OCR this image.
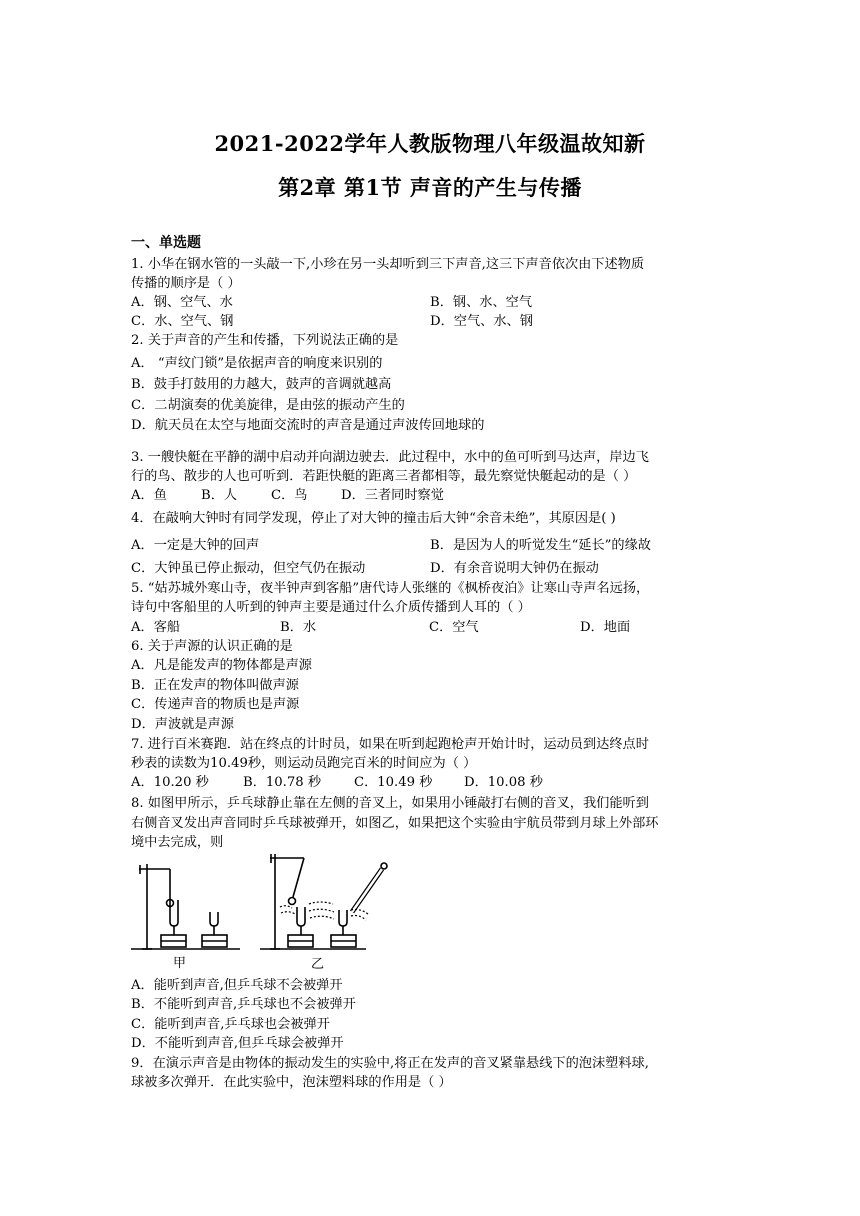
2021-2022学年人教版物理八年级温故知新
第2章 第1节 声音的产生与传播
一、单选题
1. 小华在钢水管的一头敲一下,小珍在另一头却听到三下声音,这三下声音依次由下述物质
传播的顺序是（ ）
A．钢、空气、水	B．钢、水、空气
C．水、空气、钢	D．空气、水、钢
2. 关于声音的产生和传播，下列说法正确的是
A． “声纹门锁”是依据声音的响度来识别的
B．鼓手打鼓用的力越大，鼓声的音调就越高
C．二胡演奏的优美旋律，是由弦的振动产生的
D．航天员在太空与地面交流时的声音是通过声波传回地球的
3. 一艘快艇在平静的湖中启动并向湖边驶去．此过程中，水中的鱼可听到马达声，岸边飞
行的鸟、散步的人也可听到．若距快艇的距离三者都相等，最先察觉快艇起动的是（ ）
A．鱼	B．人	C．鸟	D．三者同时察觉
4．在敲响大钟时有同学发现，停止了对大钟的撞击后大钟“余音未绝”，其原因是( )
A．一定是大钟的回声	B．是因为人的听觉发生“延长”的缘故
C．大钟虽已停止振动，但空气仍在振动	D．有余音说明大钟仍在振动
5. “姑苏城外寒山寺，夜半钟声到客船”唐代诗人张继的《枫桥夜泊》让寒山寺声名远扬，
诗句中客船里的人听到的钟声主要是通过什么介质传播到人耳的（ ）
A．客船	B．水	C．空气	D．地面
6. 关于声源的认识正确的是
A．凡是能发声的物体都是声源
B．正在发声的物体叫做声源
C．传递声音的物质也是声源
D．声波就是声源
7. 进行百米赛跑．站在终点的计时员，如果在听到起跑枪声开始计时，运动员到达终点时
秒表的读数为10.49秒，则运动员跑完百米的时间应为（ ）
A．10.20 秒	B．10.78 秒 C．10.49 秒 D．10.08 秒
8. 如图甲所示，乒乓球静止靠在左侧的音叉上，如果用小锤敲打右侧的音叉，我们能听到
右侧音叉发出声音同时乒乓球被弹开，如图乙，如果把这个实验由宇航员带到月球上外部环
境中去完成，则
甲	乙
A．能听到声音,但乒乓球不会被弹开
B．不能听到声音,乒乓球也不会被弹开
C．能听到声音,乒乓球也会被弹开
D．不能听到声音,但乒乓球会被弹开
9．在演示声音是由物体的振动发生的实验中,将正在发声的音叉紧靠悬线下的泡沫塑料球,
球被多次弹开．在此实验中，泡沫塑料球的作用是（ ）
